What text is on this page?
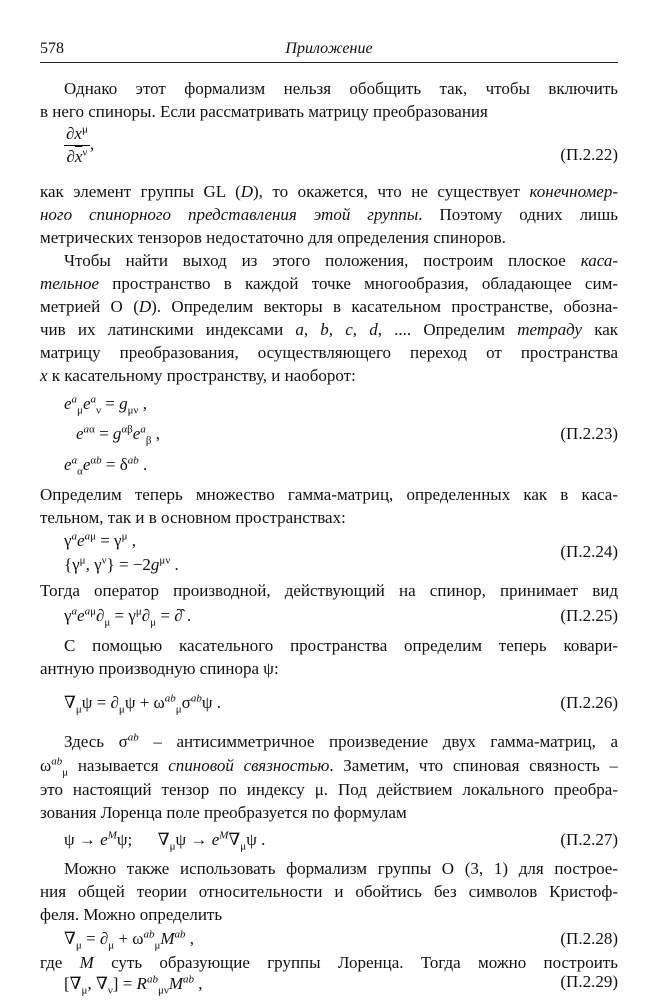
578	Приложение
Однако этот формализм нельзя обобщить так, чтобы включить
в него спиноры. Если рассматривать матрицу преобразования
$\frac{\partial x^\mu}{\partial\overline{x}^\nu}$ ,
(П.2.22)
как элемент группы GL (D), то окажется, что не существует конечномер-
ного спинорного представления этой группы. Поэтому одних лишь
метрических тензоров недостаточно для определения спиноров.
Чтобы найти выход из этого положения, построим плоское каса-
тельное пространство в каждой точке многообразия, обладающее сим-
метрией O (D). Определим векторы в касательном пространстве, обозна-
чив их латинскими индексами a, b, c, d, .... Определим тетраду как
матрицу преобразования, осуществляющего переход от пространства
x к касательному пространству, и наоборот:
$e^a_\mu e^a_\nu = g_{\mu\nu}$ ,
$e^{a\alpha} = g^{\alpha\beta}e^a_\beta$ ,
$e^a_\alpha e^{\alpha b} = \delta^{ab}$ .
(П.2.23)
Определим теперь множество гамма-матриц, определенных как в каса-
тельном, так и в основном пространствах:
$\gamma^ae^{a\mu} = \gamma^\mu$ ,
{$\gamma^\mu$, $\gamma^\nu\} = -2g^{\mu\nu}$ .
(П.2.24)
Тогда оператор производной, действующий на спинор, принимает вид
$\gamma^ae^{a\mu}\partial_\mu = \gamma^\mu\partial_\mu$ = ∂̂ .	(П.2.25)
С помощью касательного пространства определим теперь ковари-
антную производную спинора ψ:
$\nabla_\mu\psi = \partial_\mu\psi + \omega^{ab}_\mu\sigma^{ab}\psi$ .	(П.2.26)
Здесь $\sigma^{ab}$ – антисимметричное произведение двух гамма-матриц, а
$\omega^{ab}_\mu$ называется спиновой связностью. Заметим, что спиновая связность –
это настоящий тензор по индексу μ. Под действием локального преобра-
зования Лоренца поле преобразуется по формулам
$\psi \to e^M\psi$;      $\nabla_\mu\psi \to e^M\nabla_\mu\psi$ .	(П.2.27)
Можно также использовать формализм группы O (3, 1) для построе-
ния общей теории относительности и обойтись без символов Кристоф-
феля. Можно определить
$\nabla_\mu = \partial_\mu + \omega^{ab}_\mu M^{ab}$ ,	(П.2.28)
где M суть образующие группы Лоренца. Тогда можно построить
[$\nabla_\mu$, $\nabla_\nu] = R^{ab}_{\mu\nu}M^{ab}$ ,	(П.2.29)
